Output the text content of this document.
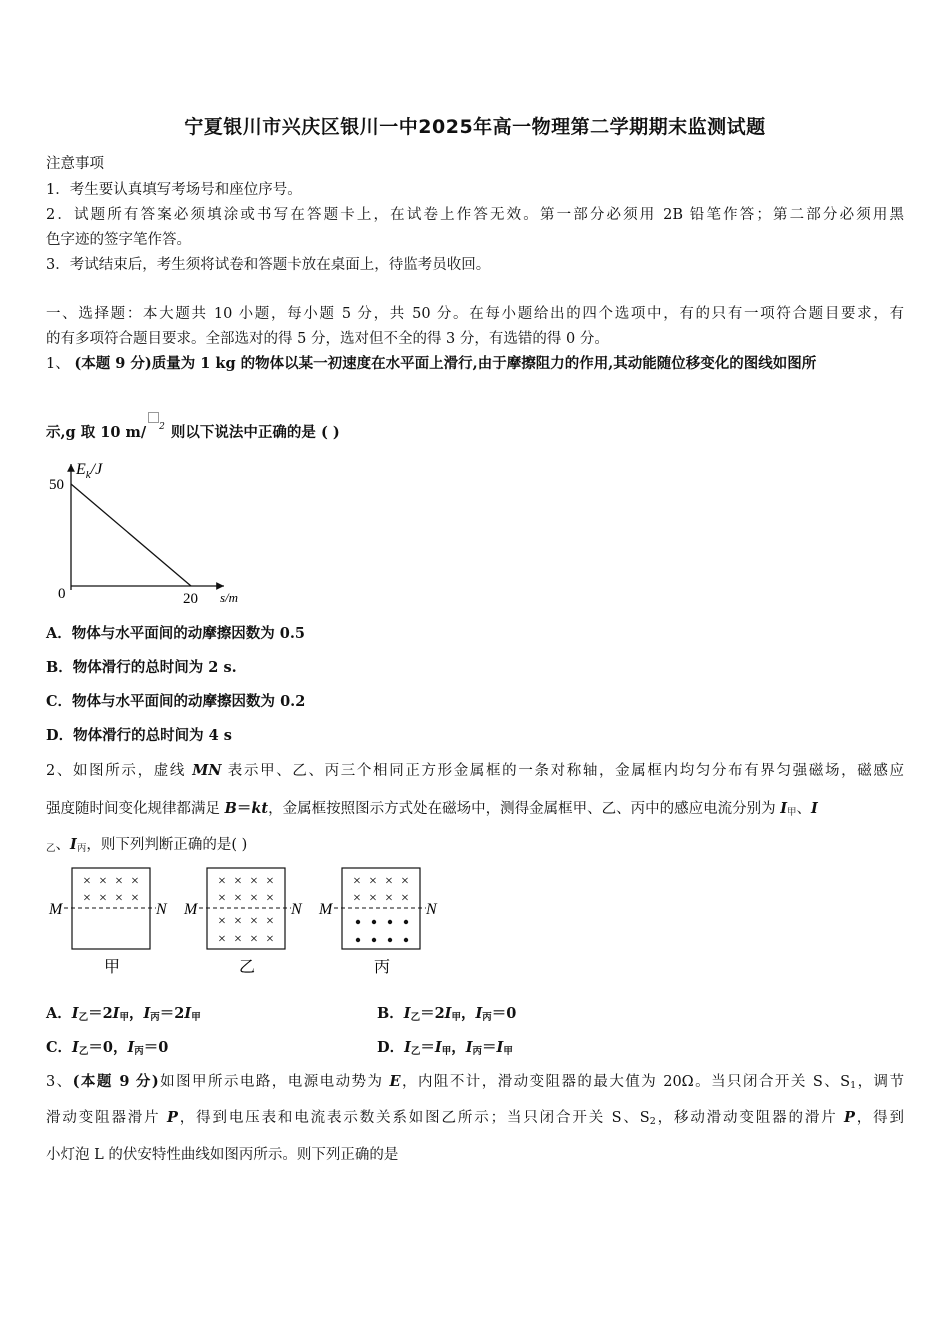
宁夏银川市兴庆区银川一中2025年高一物理第二学期期末监测试题
注意事项
1．考生要认真填写考场号和座位序号。
2．试题所有答案必须填涂或书写在答题卡上，在试卷上作答无效。第一部分必须用 2B 铅笔作答；第二部分必须用黑
色字迹的签字笔作答。
3．考试结束后，考生须将试卷和答题卡放在桌面上，待监考员收回。
一、选择题：本大题共 10 小题，每小题 5 分，共 50 分。在每小题给出的四个选项中，有的只有一项符合题目要求，有
的有多项符合题目要求。全部选对的得 5 分，选对但不全的得 3 分，有选错的得 0 分。
1、 (本题 9 分)质量为 1 kg 的物体以某一初速度在水平面上滑行,由于摩擦阻力的作用,其动能随位移变化的图线如图所
示,g 取 10 m/ $^2$ 则以下说法中正确的是 ( )
$E_k/J$
50
0	20 s/m
A．物体与水平面间的动摩擦因数为 0.5
B．物体滑行的总时间为 2 s.
C．物体与水平面间的动摩擦因数为 0.2
D．物体滑行的总时间为 4 s
2、如图所示，虚线 MN 表示甲、乙、丙三个相同正方形金属框的一条对称轴，金属框内均匀分布有界匀强磁场，磁感应
强度随时间变化规律都满足 B＝kt，金属框按照图示方式处在磁场中，测得金属框甲、乙、丙中的感应电流分别为 $I_甲$、I
$_乙$、$I_丙$，则下列判断正确的是( )
M	N
× × × ×
× × × ×
M	N
× × × ×
× × × ×
× × × ×
× × × ×
M	N
× × × ×
× × × ×
甲	乙	丙
A．$I_乙=2I_甲$，$I_丙=2I_甲$	B．$I_乙=2I_甲$，$I_丙=0$
C．$I_乙=0$，$I_丙=0$	D．$I_乙=I_甲$，$I_丙=I_甲$
3、(本题 9 分)如图甲所示电路，电源电动势为 E，内阻不计，滑动变阻器的最大值为 20Ω。当只闭合开关 S、$S_1$，调节
滑动变阻器滑片 P，得到电压表和电流表示数关系如图乙所示；当只闭合开关 S、$S_2$，移动滑动变阻器的滑片 P，得到
小灯泡 L 的伏安特性曲线如图丙所示。则下列正确的是
